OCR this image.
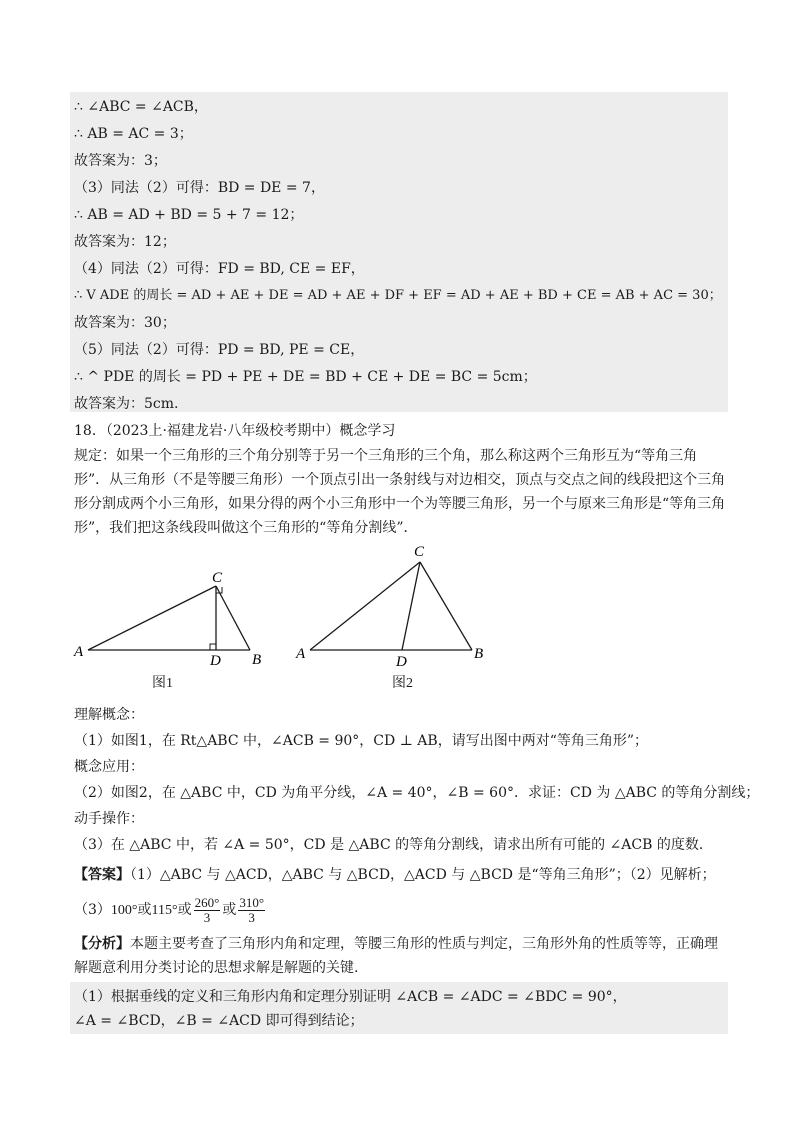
∴ ∠ABC = ∠ACB，
∴ AB = AC = 3；
故答案为：3；
（3）同法（2）可得：BD = DE = 7，
∴ AB = AD + BD = 5 + 7 = 12；
故答案为：12；
（4）同法（2）可得：FD = BD, CE = EF，
∴ V ADE 的周长 = AD + AE + DE = AD + AE + DF + EF = AD + AE + BD + CE = AB + AC = 30；
故答案为：30；
（5）同法（2）可得：PD = BD, PE = CE，
∴ ^ PDE 的周长 = PD + PE + DE = BD + CE + DE = BC = 5cm；
故答案为：5cm.
18．（2023上·福建龙岩·八年级校考期中）概念学习
规定：如果一个三角形的三个角分别等于另一个三角形的三个角，那么称这两个三角形互为“等角三角形”．从三角形（不是等腰三角形）一个顶点引出一条射线与对边相交，顶点与交点之间的线段把这个三角形分割成两个小三角形，如果分得的两个小三角形中一个为等腰三角形，另一个与原来三角形是“等角三角形”，我们把这条线段叫做这个三角形的“等角分割线”．
A	B
C
D
图1
A	B
C
D
图2
理解概念：
（1）如图1，在 Rt△ABC 中，∠ACB = 90°，CD ⊥ AB，请写出图中两对“等角三角形”；
概念应用：
（2）如图2，在 △ABC 中，CD 为角平分线，∠A = 40°，∠B = 60°．求证：CD 为 △ABC 的等角分割线；
动手操作：
（3）在 △ABC 中，若 ∠A = 50°，CD 是 △ABC 的等角分割线，请求出所有可能的 ∠ACB 的度数．
【答案】（1）△ABC 与 △ACD，△ABC 与 △BCD，△ACD 与 △BCD 是“等角三角形”；（2）见解析；
（3）100°或115°或 $\frac{260^\circ}{3}$ 或 $\frac{310^\circ}{3}$
【分析】本题主要考查了三角形内角和定理，等腰三角形的性质与判定，三角形外角的性质等等，正确理解题意利用分类讨论的思想求解是解题的关键.
（1）根据垂线的定义和三角形内角和定理分别证明 ∠ACB = ∠ADC = ∠BDC = 90°，
∠A = ∠BCD，∠B = ∠ACD 即可得到结论；
